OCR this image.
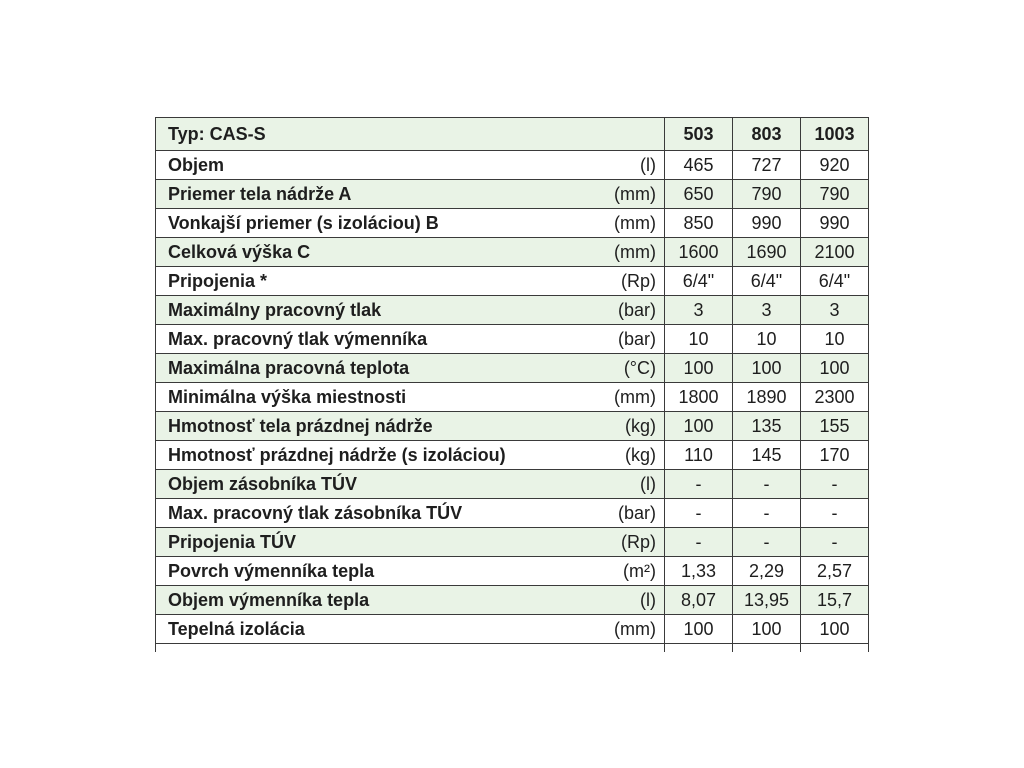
Typ: CAS-S	503	803	1003

Objem (l)	465	727	920

Priemer tela nádrže A (mm)	650	790	790

Vonkajší priemer (s izoláciou) B (mm)	850	990	990

Celková výška C (mm)	1600	1690	2100

Pripojenia * (Rp)	6/4"	6/4"	6/4"

Maximálny pracovný tlak (bar)	3	3	3

Max. pracovný tlak výmenníka (bar)	10	10	10

Maximálna pracovná teplota (°C)	100	100	100

Minimálna výška miestnosti (mm)	1800	1890	2300

Hmotnosť tela prázdnej nádrže (kg)	100	135	155

Hmotnosť prázdnej nádrže (s izoláciou) (kg)	110	145	170

Objem zásobníka TÚV (l)	-	-	-

Max. pracovný tlak zásobníka TÚV (bar)	-	-	-

Pripojenia TÚV (Rp)	-	-	-

Povrch výmenníka tepla (m²)	1,33	2,29	2,57

Objem výmenníka tepla (l)	8,07	13,95	15,7

Tepelná izolácia (mm)	100	100	100
